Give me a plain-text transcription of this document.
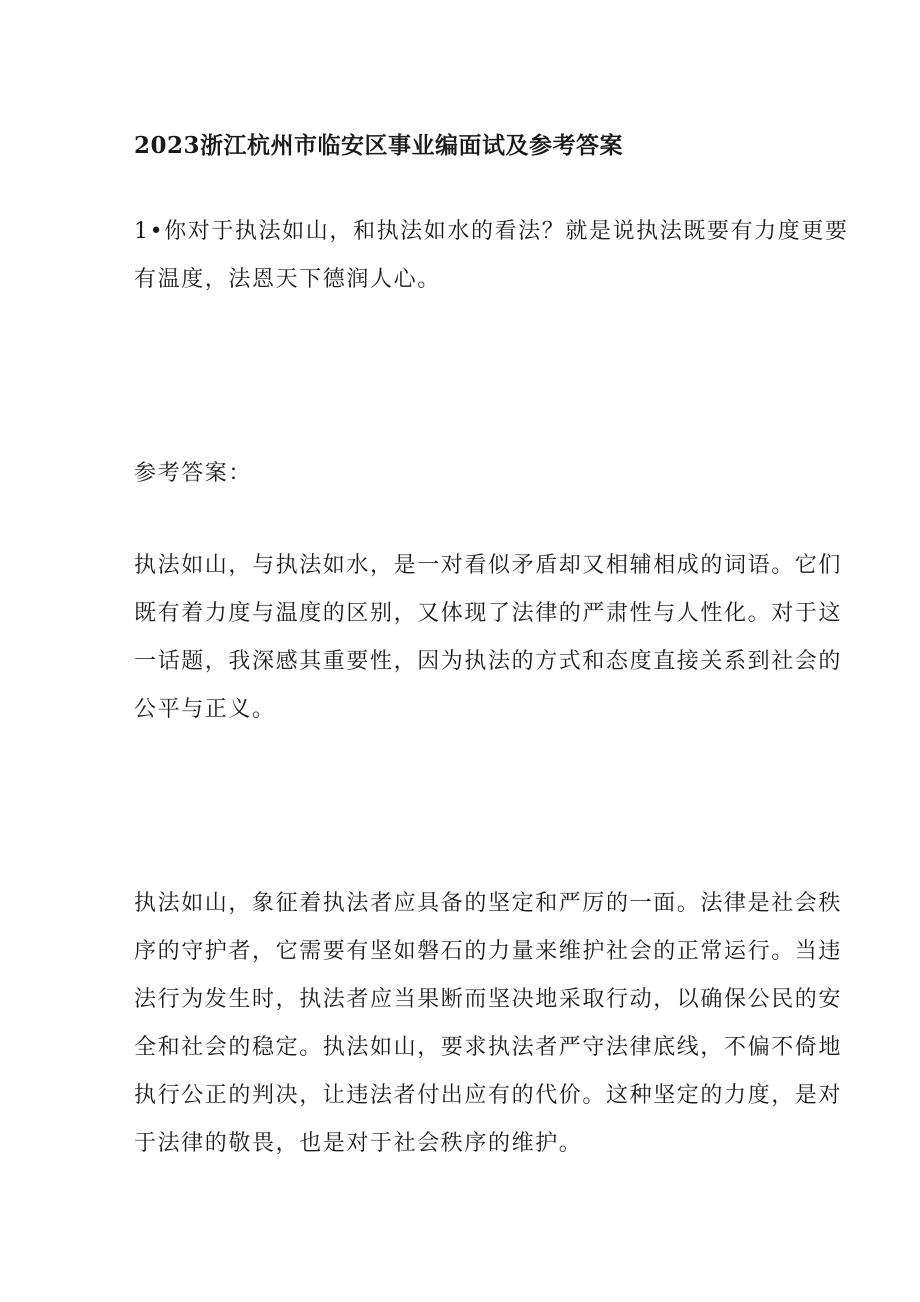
2023浙江杭州市临安区事业编面试及参考答案

1•你对于执法如山，和执法如水的看法？就是说执法既要有力度更要
有温度，法恩天下德润人心。

参考答案：

执法如山，与执法如水，是一对看似矛盾却又相辅相成的词语。它们
既有着力度与温度的区别，又体现了法律的严肃性与人性化。对于这
一话题，我深感其重要性，因为执法的方式和态度直接关系到社会的
公平与正义。

执法如山，象征着执法者应具备的坚定和严厉的一面。法律是社会秩
序的守护者，它需要有坚如磐石的力量来维护社会的正常运行。当违
法行为发生时，执法者应当果断而坚决地采取行动，以确保公民的安
全和社会的稳定。执法如山，要求执法者严守法律底线，不偏不倚地
执行公正的判决，让违法者付出应有的代价。这种坚定的力度，是对
于法律的敬畏，也是对于社会秩序的维护。
